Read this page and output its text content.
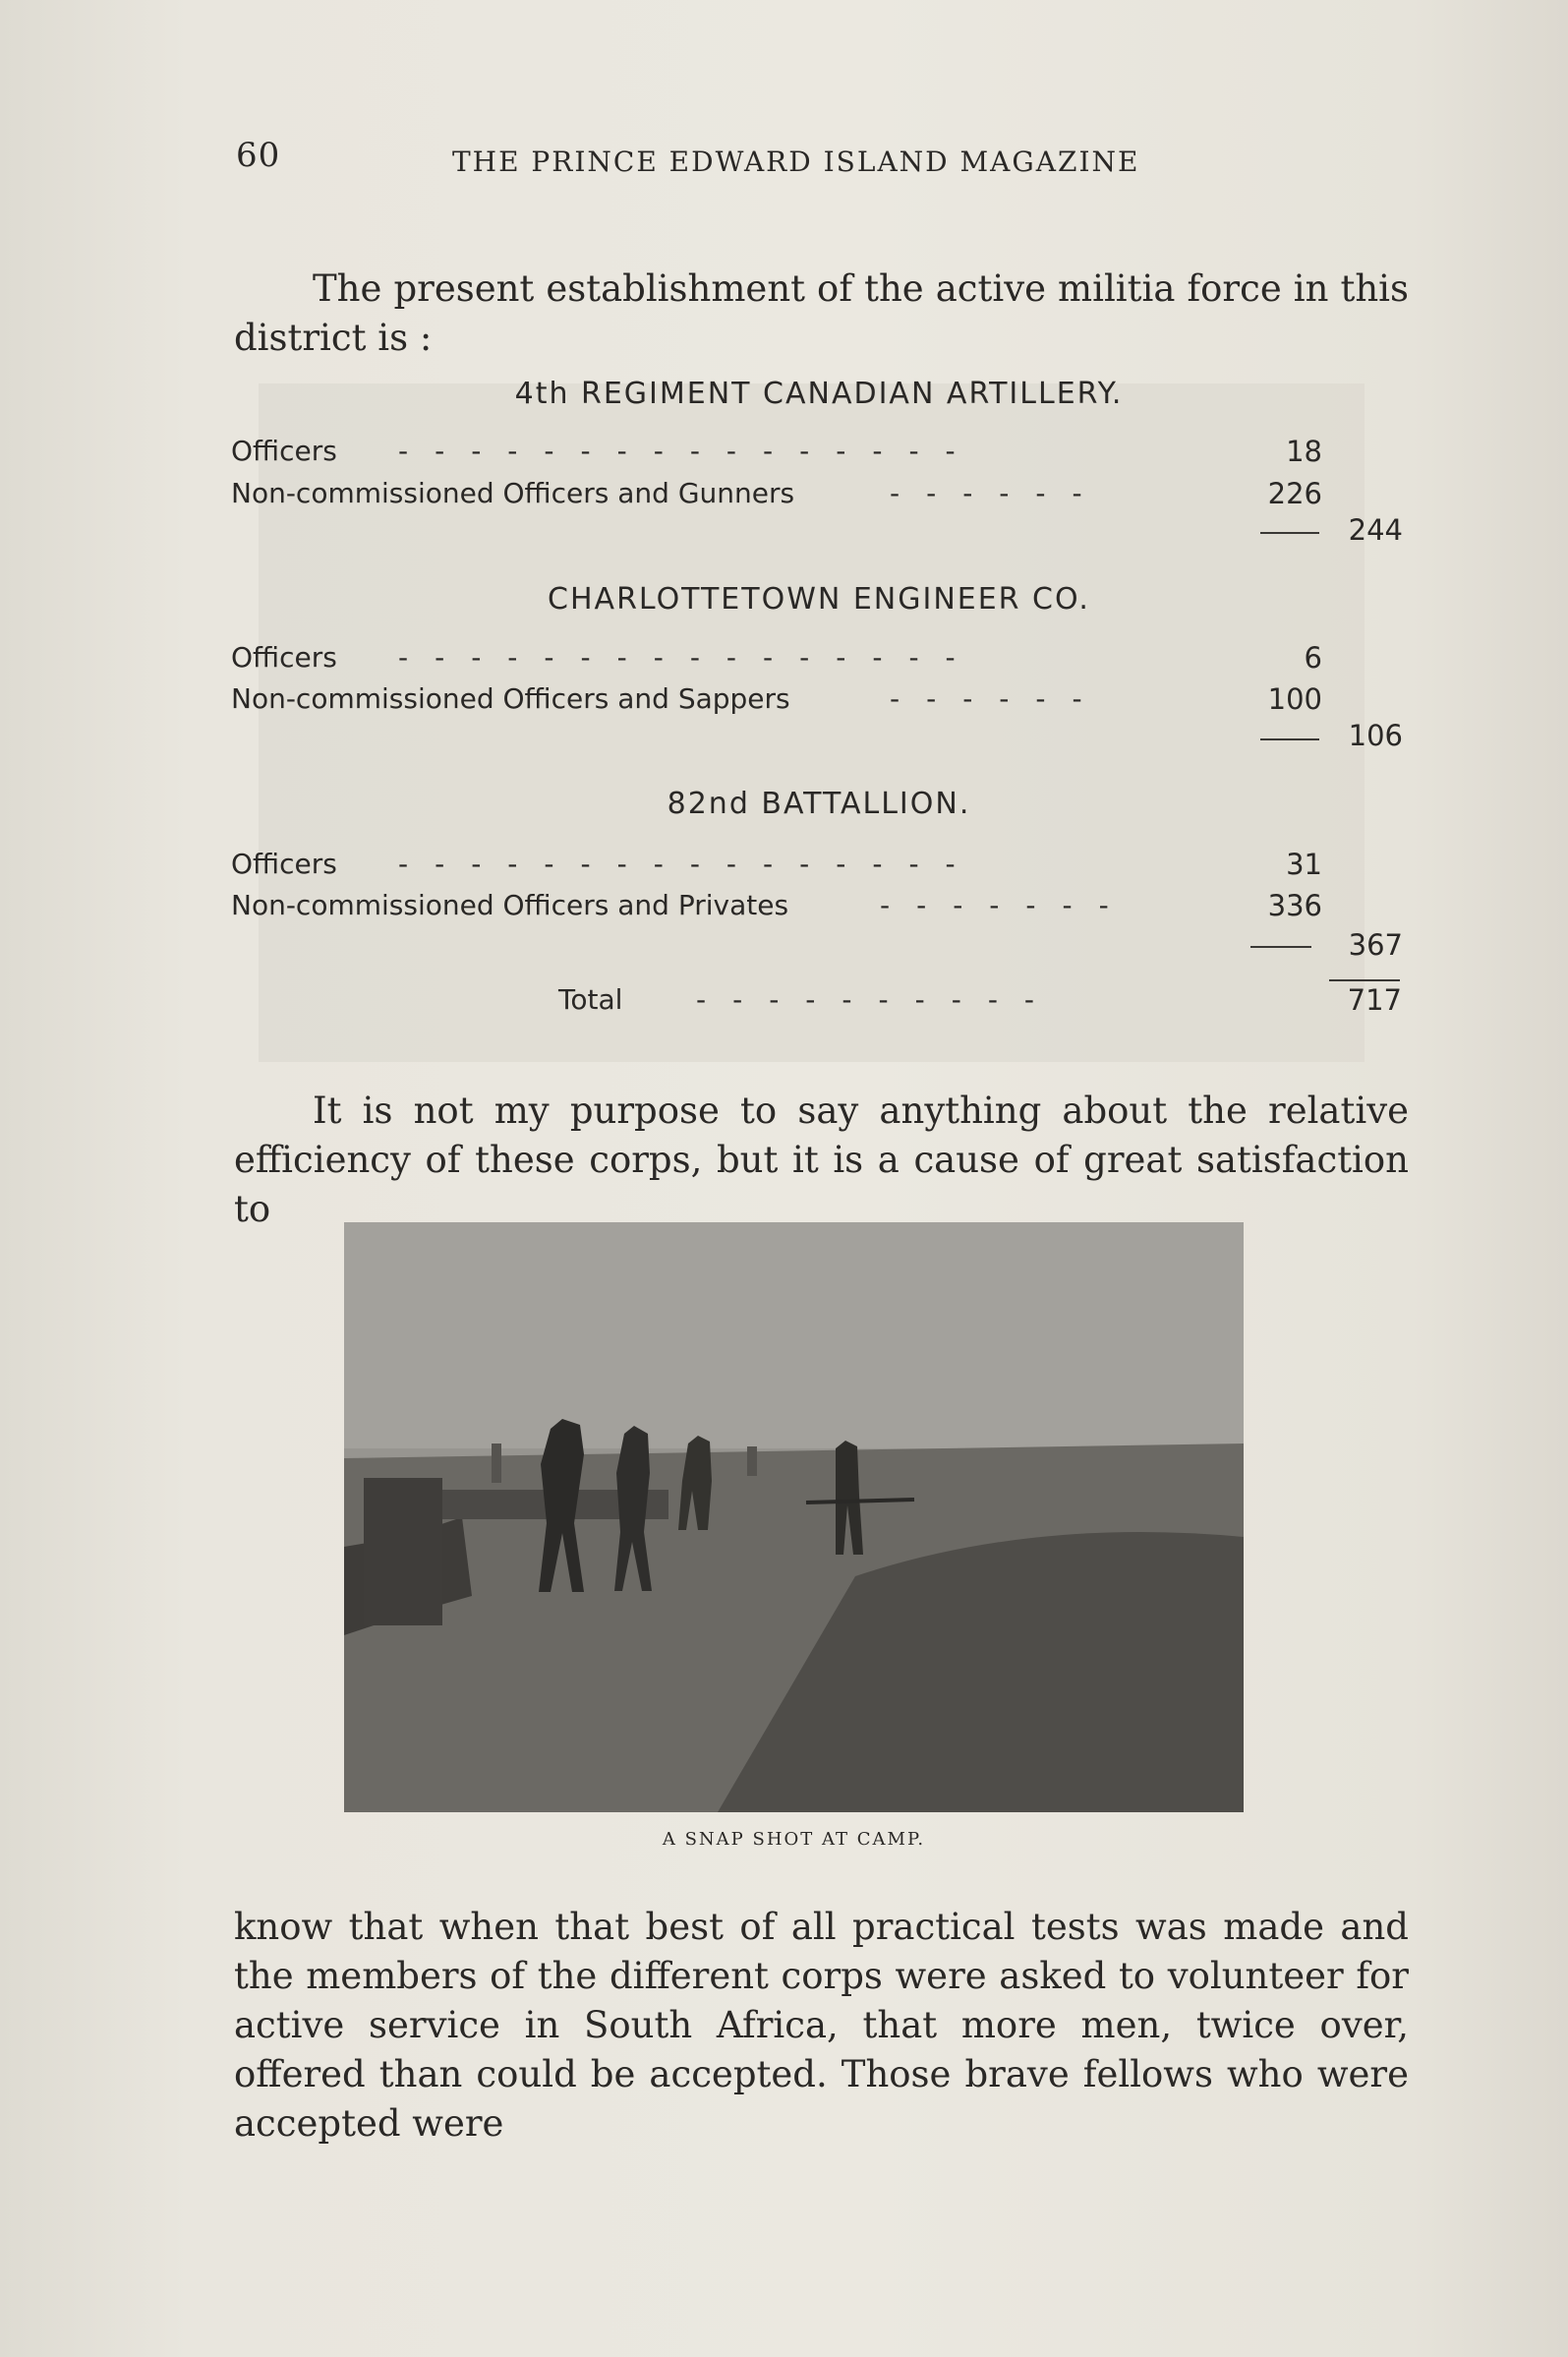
60	THE PRINCE EDWARD ISLAND MAGAZINE

The present establishment of the active militia force in this district is :

4th REGIMENT CANADIAN ARTILLERY.
Officers ----------------	18
Non-commissioned Officers and Gunners	------	226
244
CHARLOTTETOWN ENGINEER CO.
Officers ----------------	6
Non-commissioned Officers and Sappers	------	100
106
82nd BATTALLION.
Officers ----------------	31
Non-commissioned Officers and Privates	-------	336
367
Total	----------	717

It is not my purpose to say anything about the relative efficiency of these corps, but it is a cause of great satisfaction to

A SNAP SHOT AT CAMP.

know that when that best of all practical tests was made and the members of the different corps were asked to volunteer for active service in South Africa, that more men, twice over, offered than could be accepted. Those brave fellows who were accepted were
